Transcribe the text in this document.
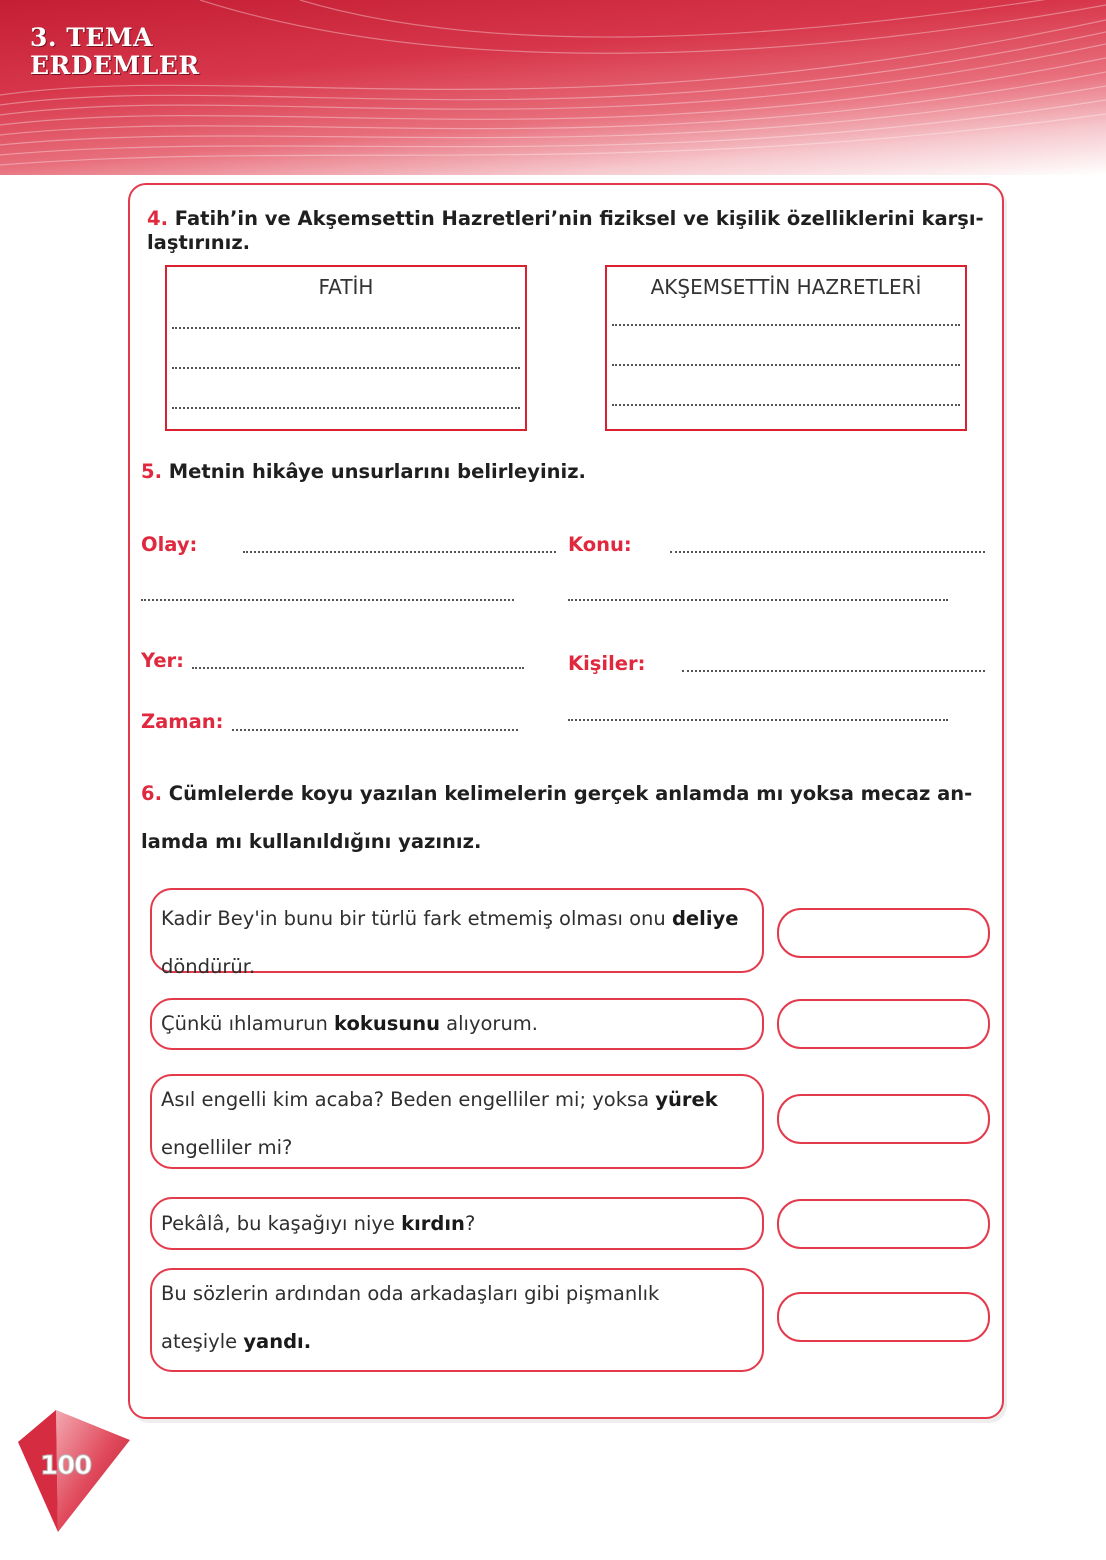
3. TEMA
ERDEMLER
4. Fatih’in ve Akşemsettin Hazretleri’nin fiziksel ve kişilik özelliklerini karşı-
laştırınız.
FATİH	AKŞEMSETTİN HAZRETLERİ
5. Metnin hikâye unsurlarını belirleyiniz.
Olay:	Konu:
Yer:	Kişiler:
Zaman:
6. Cümlelerde koyu yazılan kelimelerin gerçek anlamda mı yoksa mecaz an-
lamda mı kullanıldığını yazınız.
Kadir Bey'in bunu bir türlü fark etmemiş olması onu deliye döndürür.
Çünkü ıhlamurun kokusunu alıyorum.
Asıl engelli kim acaba? Beden engelliler mi; yoksa yürek engelliler mi?
Pekâlâ, bu kaşağıyı niye kırdın?
Bu sözlerin ardından oda arkadaşları gibi pişmanlık ateşiyle yandı.
100
